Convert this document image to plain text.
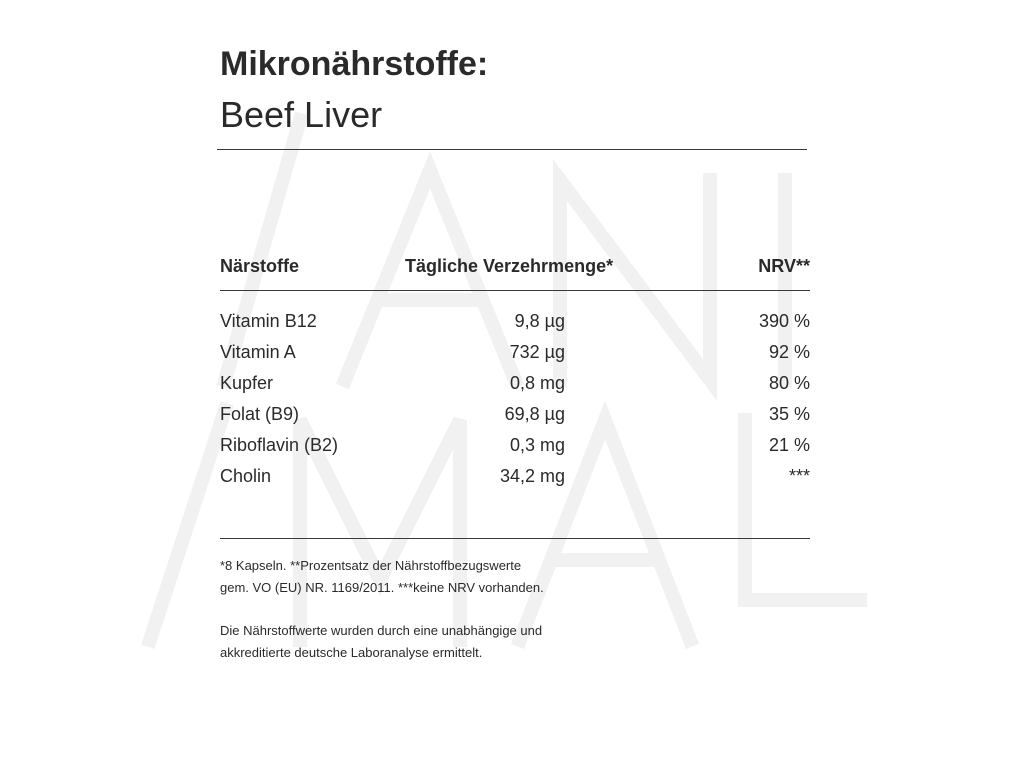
Mikronährstoffe:
Beef Liver
Närstoffe	Tägliche Verzehrmenge*	NRV**
Vitamin B12	9,8 µg	390 %
Vitamin A	732 µg	92 %
Kupfer	0,8 mg	80 %
Folat (B9)	69,8 µg	35 %
Riboflavin (B2)	0,3 mg	21 %
Cholin	34,2 mg	***

*8 Kapseln. **Prozentsatz der Nährstoffbezugswerte
gem. VO (EU) NR. 1169/2011. ***keine NRV vorhanden.

Die Nährstoffwerte wurden durch eine unabhängige und
akkreditierte deutsche Laboranalyse ermittelt.
